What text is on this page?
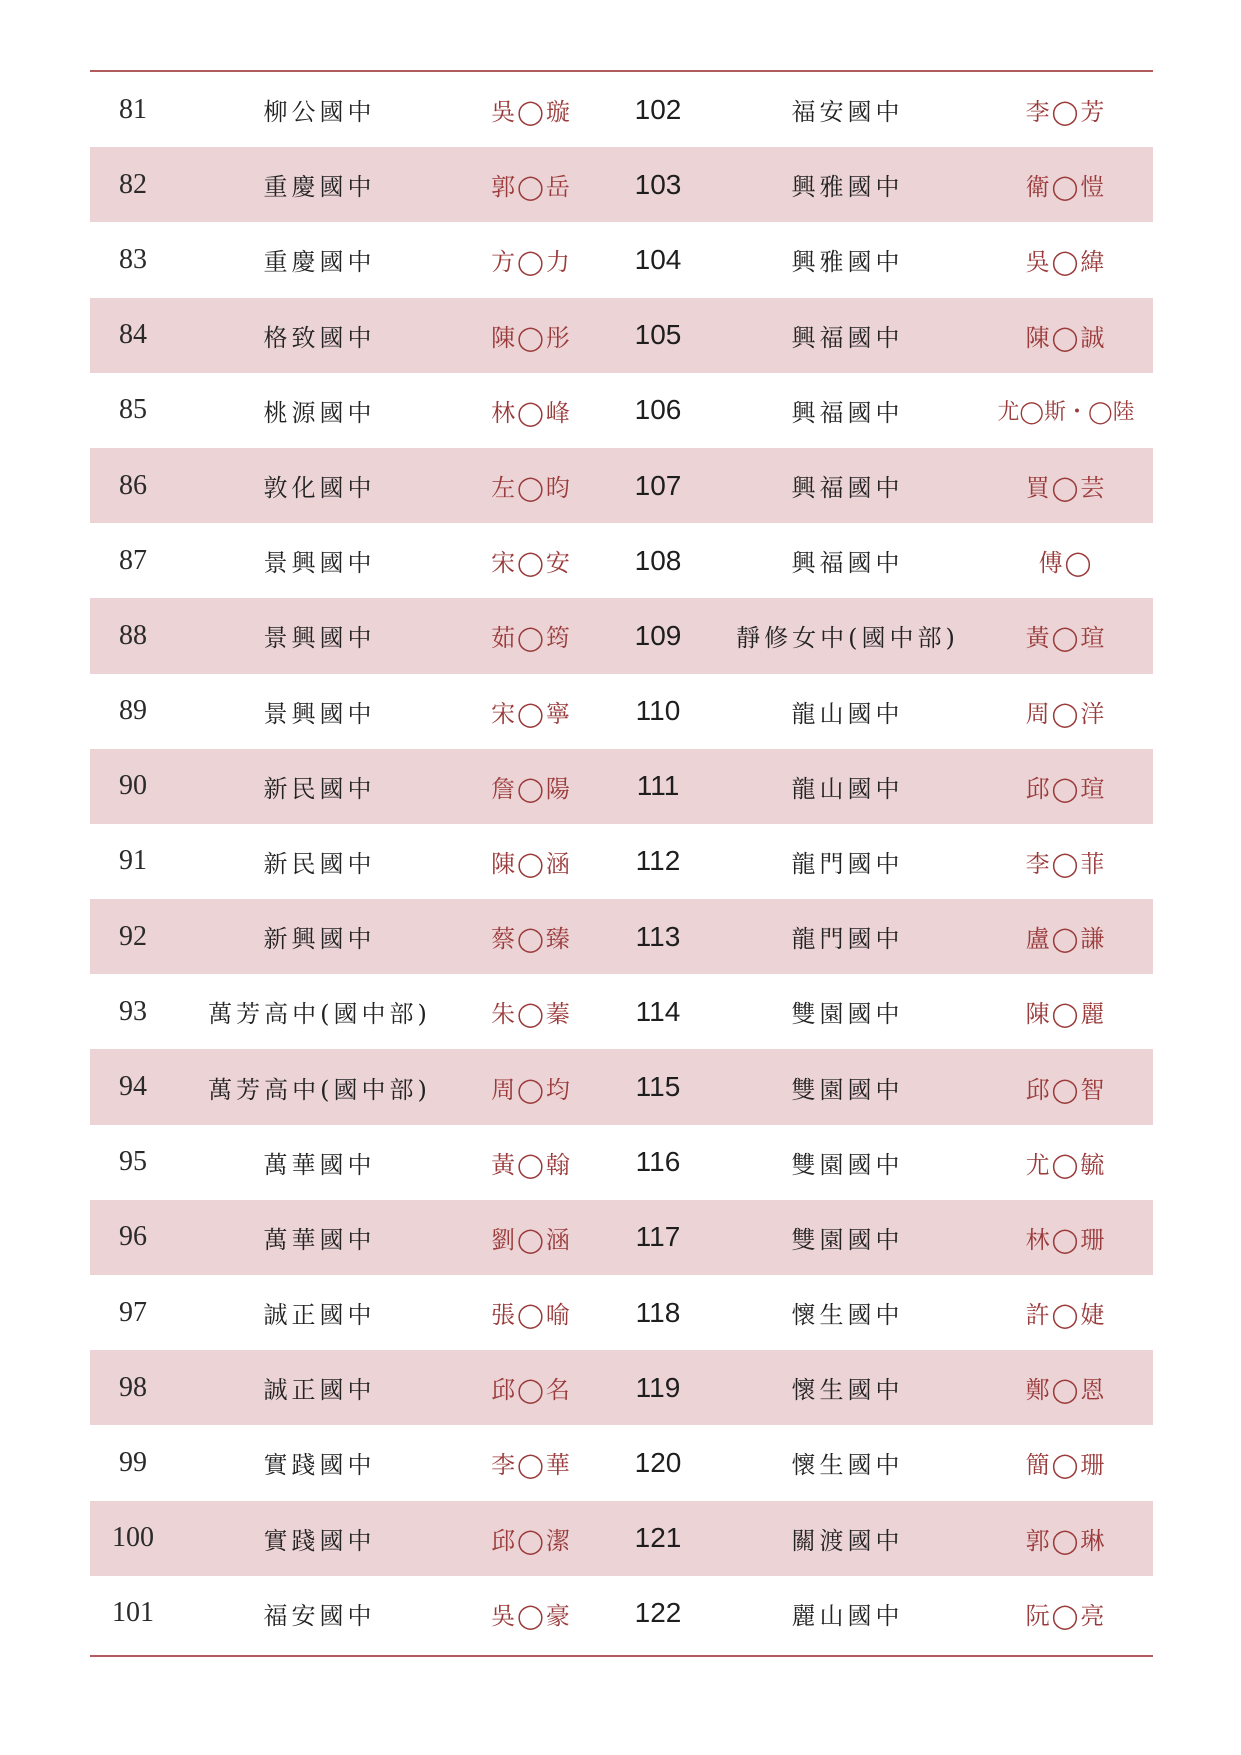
81	柳公國中	吳◯璇	102	福安國中	李◯芳
82	重慶國中	郭◯岳	103	興雅國中	衛◯愷
83	重慶國中	方◯力	104	興雅國中	吳◯緯
84	格致國中	陳◯彤	105	興福國中	陳◯誠
85	桃源國中	林◯峰	106	興福國中	尤◯斯・◯陸
86	敦化國中	左◯昀	107	興福國中	買◯芸
87	景興國中	宋◯安	108	興福國中	傅◯
88	景興國中	茹◯筠	109	靜修女中(國中部)	黃◯瑄
89	景興國中	宋◯寧	110	龍山國中	周◯洋
90	新民國中	詹◯陽	111	龍山國中	邱◯瑄
91	新民國中	陳◯涵	112	龍門國中	李◯菲
92	新興國中	蔡◯臻	113	龍門國中	盧◯謙
93	萬芳高中(國中部)	朱◯蓁	114	雙園國中	陳◯麗
94	萬芳高中(國中部)	周◯均	115	雙園國中	邱◯智
95	萬華國中	黃◯翰	116	雙園國中	尤◯毓
96	萬華國中	劉◯涵	117	雙園國中	林◯珊
97	誠正國中	張◯喻	118	懷生國中	許◯婕
98	誠正國中	邱◯名	119	懷生國中	鄭◯恩
99	實踐國中	李◯華	120	懷生國中	簡◯珊
100	實踐國中	邱◯潔	121	關渡國中	郭◯琳
101	福安國中	吳◯豪	122	麗山國中	阮◯亮
